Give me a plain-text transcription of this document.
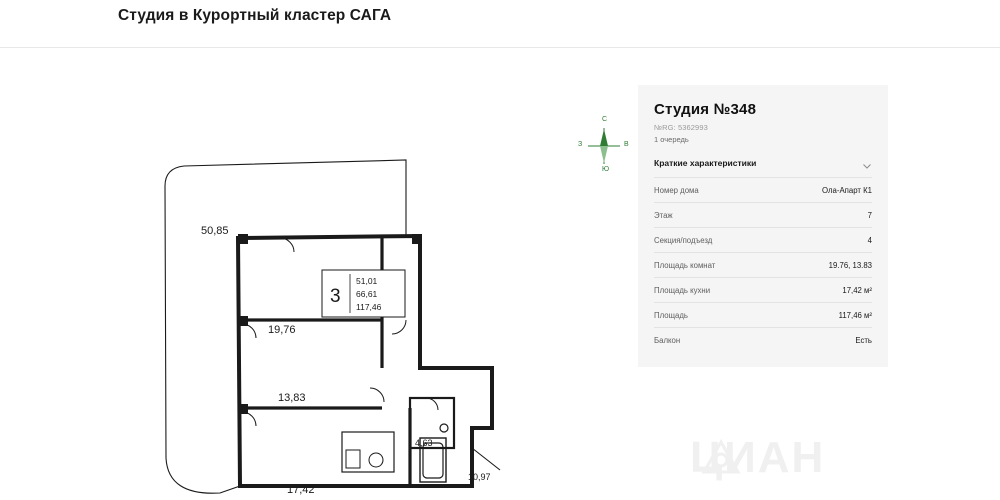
Студия в Курортный кластер САГА
50,85
19,76
13,83
17,42
4,63
10,97
3
51,01
66,61
117,46
С
Ю
З	В
Студия №348
№RG: 5362993
1 очередь
Краткие характеристики
Номер дома	Ола-Апарт К1
Этаж	7
Секция/подъезд	4
Площадь комнат	19.76, 13.83
Площадь кухни	17,42 м²
Площадь	117,46 м²
Балкон	Есть
ЦИАН
